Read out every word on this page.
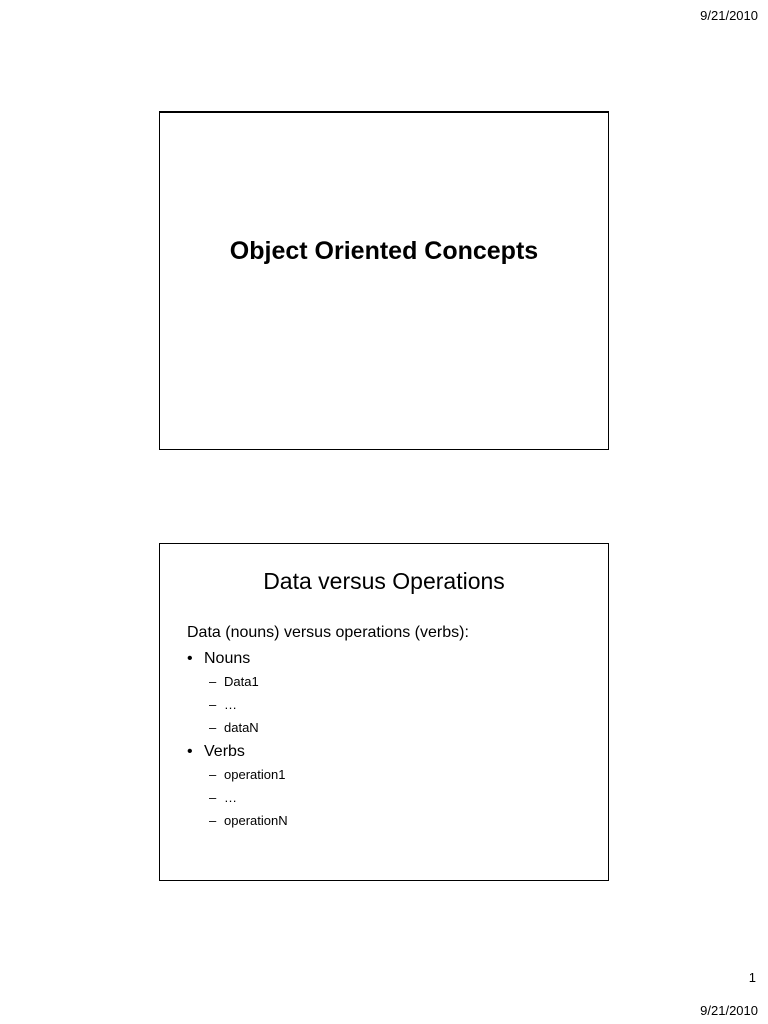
9/21/2010
Object Oriented Concepts
Data versus Operations
Data (nouns) versus operations (verbs):
• Nouns
– Data1
– …
– dataN
• Verbs
– operation1
– …
– operationN
1
9/21/2010
